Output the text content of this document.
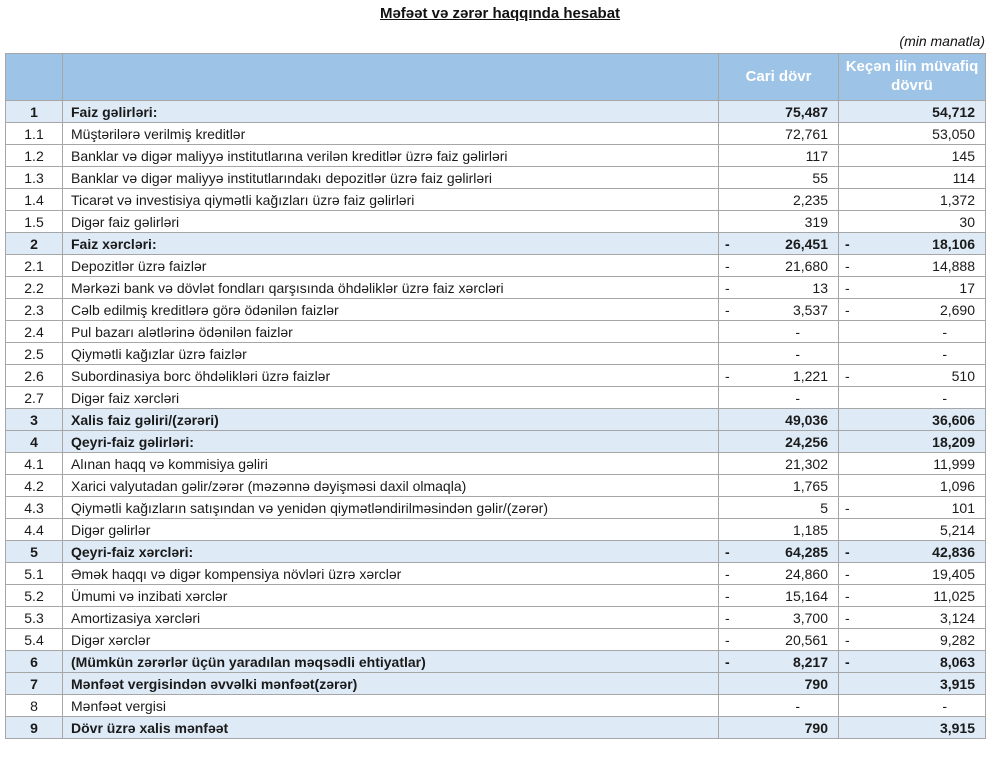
Məfəət və zərər haqqında hesabat
(min manatla)
		Cari dövr	Keçən ilin müvafiq dövrü
1	Faiz gəlirləri:	75,487	54,712

1.1	Müştərilərə verilmiş kreditlər	72,761	53,050

1.2	Banklar və digər maliyyə institutlarına verilən kreditlər üzrə faiz gəlirləri	117	145

1.3	Banklar və digər maliyyə institutlarındakı depozitlər üzrə faiz gəlirləri	55	114

1.4	Ticarət və investisiya qiymətli kağızları üzrə faiz gəlirləri	2,235	1,372

1.5	Digər faiz gəlirləri	319	30

2	Faiz xərcləri:	- 26,451	- 18,106

2.1	Depozitlər üzrə faizlər	- 21,680	- 14,888

2.2	Mərkəzi bank və dövlət fondları qarşısında öhdəliklər üzrə faiz xərcləri	- 13	- 17

2.3	Cəlb edilmiş kreditlərə görə ödənilən faizlər	- 3,537	- 2,690

2.4	Pul bazarı alətlərinə ödənilən faizlər	-	-

2.5	Qiymətli kağızlar üzrə faizlər	-	-

2.6	Subordinasiya borc öhdəlikləri üzrə faizlər	- 1,221	- 510

2.7	Digər faiz xərcləri	-	-

3	Xalis faiz gəliri/(zərəri)	49,036	36,606

4	Qeyri-faiz gəlirləri:	24,256	18,209

4.1	Alınan haqq və kommisiya gəliri	21,302	11,999

4.2	Xarici valyutadan gəlir/zərər (məzənnə dəyişməsi daxil olmaqla)	1,765	1,096

4.3	Qiymətli kağızların satışından və yenidən qiymətləndirilməsindən gəlir/(zərər)	5	- 101

4.4	Digər gəlirlər	1,185	5,214

5	Qeyri-faiz xərcləri:	- 64,285	- 42,836

5.1	Əmək haqqı və digər kompensiya növləri üzrə xərclər	- 24,860	- 19,405

5.2	Ümumi və inzibati xərclər	- 15,164	- 11,025

5.3	Amortizasiya xərcləri	- 3,700	- 3,124

5.4	Digər xərclər	- 20,561	- 9,282

6	(Mümkün zərərlər üçün yaradılan məqsədli ehtiyatlar)	- 8,217	- 8,063

7	Mənfəət vergisindən əvvəlki mənfəət(zərər)	790	3,915

8	Mənfəət vergisi	-	-

9	Dövr üzrə xalis mənfəət	790	3,915
